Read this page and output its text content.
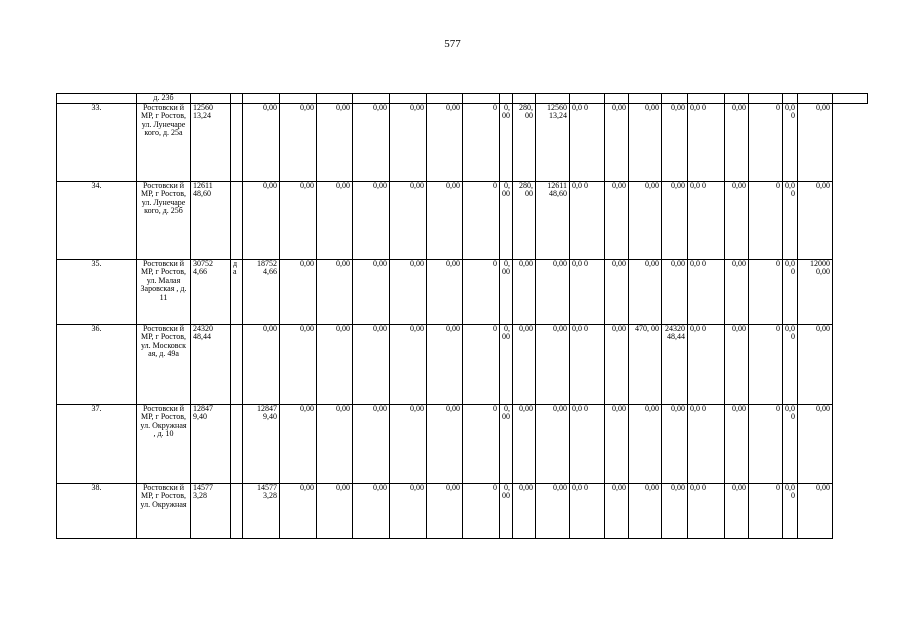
577
	д. 23б																						
33.	Ростовски й МР, г Ростов, ул. Лунечаре кого, д. 25а	12560 13,24		0,00	0,00	0,00	0,00	0,00	0,00	0	0,00	280, 00	12560 13,24	0,0 0	0,00	0,00	0,00	0,0 0	0,00	0	0,00	0,00	
34.	Ростовски й МР, г Ростов, ул. Лунечаре кого, д. 25б	12611 48,60		0,00	0,00	0,00	0,00	0,00	0,00	0	0,00	280, 00	12611 48,60	0,0 0	0,00	0,00	0,00	0,0 0	0,00	0	0,00	0,00	
35.	Ростовски й МР, г Ростов, ул. Малая Заровская , д. 11	30752 4,66	д а	18752 4,66	0,00	0,00	0,00	0,00	0,00	0	0,00	0,00	0,00	0,0 0	0,00	0,00	0,00	0,0 0	0,00	0	0,00	12000 0,00	
36.	Ростовски й МР, г Ростов, ул. Московск ая, д. 49а	24320 48,44		0,00	0,00	0,00	0,00	0,00	0,00	0	0,00	0,00	0,00	0,0 0	0,00	470, 00	24320 48,44	0,0 0	0,00	0	0,00	0,00	
37.	Ростовски й МР, г Ростов, ул. Окружная , д. 10	12847 9,40		12847 9,40	0,00	0,00	0,00	0,00	0,00	0	0,00	0,00	0,00	0,0 0	0,00	0,00	0,00	0,0 0	0,00	0	0,00	0,00	
38.	Ростовски й МР, г Ростов, ул. Окружная	14577 3,28		14577 3,28	0,00	0,00	0,00	0,00	0,00	0	0,00	0,00	0,00	0,0 0	0,00	0,00	0,00	0,0 0	0,00	0	0,00	0,00	
